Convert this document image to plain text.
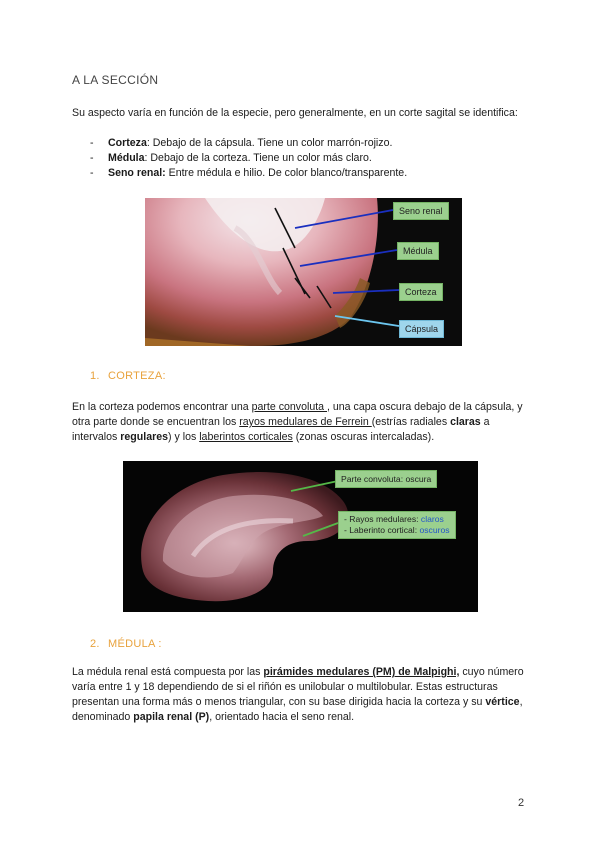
A LA SECCIÓN
Su aspecto varía en función de la especie, pero generalmente, en un corte sagital se identifica:
- Corteza: Debajo de la cápsula. Tiene un color marrón-rojizo.
- Médula: Debajo de la corteza. Tiene un color más claro.
- Seno renal: Entre médula e hilio. De color blanco/transparente.
Seno renal
Médula
Corteza
Cápsula
1. CORTEZA:
En la corteza podemos encontrar una parte convoluta , una capa oscura debajo de la cápsula, y otra parte donde se encuentran los rayos medulares de Ferrein (estrías radiales claras a intervalos regulares) y los laberintos corticales (zonas oscuras intercaladas).
Parte convoluta: oscura
- Rayos medulares: claros
- Laberinto cortical: oscuros
2. MÉDULA :
La médula renal está compuesta por las pirámides medulares (PM) de Malpighi, cuyo número varía entre 1 y 18 dependiendo de si el riñón es unilobular o multilobular. Estas estructuras presentan una forma más o menos triangular, con su base dirigida hacia la corteza y su vértice, denominado papila renal (P), orientado hacia el seno renal.
2
